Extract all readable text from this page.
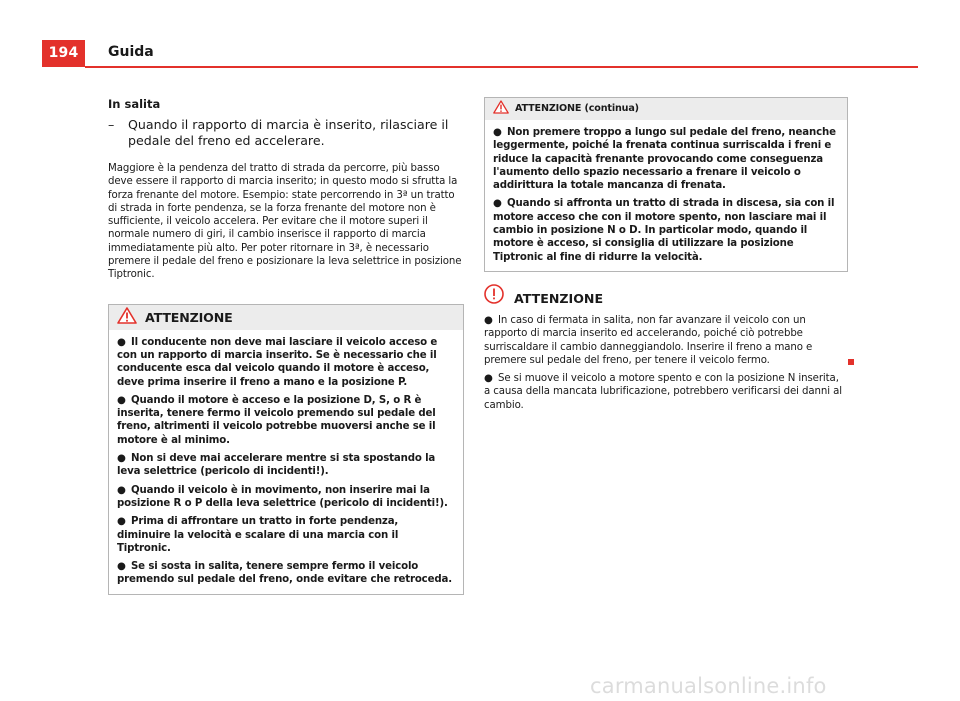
194	Guida
In salita
–	Quando il rapporto di marcia è inserito, rilasciare il pedale del freno ed accelerare.

Maggiore è la pendenza del tratto di strada da percorre, più basso deve essere il rapporto di marcia inserito; in questo modo si sfrutta la forza frenante del motore. Esempio: state percorrendo in 3ª un tratto di strada in forte pendenza, se la forza frenante del motore non è sufficiente, il veicolo accelera. Per evitare che il motore superi il normale numero di giri, il cambio inserisce il rapporto di marcia immediatamente più alto. Per poter ritornare in 3ª, è necessario premere il pedale del freno e posizionare la leva selettrice in posizione Tiptronic.

ATTENZIONE

● Il conducente non deve mai lasciare il veicolo acceso e con un rapporto di marcia inserito. Se è necessario che il conducente esca dal veicolo quando il motore è acceso, deve prima inserire il freno a mano e la posizione P.

● Quando il motore è acceso e la posizione D, S, o R è inserita, tenere fermo il veicolo premendo sul pedale del freno, altrimenti il veicolo potrebbe muoversi anche se il motore è al minimo.

● Non si deve mai accelerare mentre si sta spostando la leva selettrice (pericolo di incidenti!).

● Quando il veicolo è in movimento, non inserire mai la posizione R o P della leva selettrice (pericolo di incidenti!).

● Prima di affrontare un tratto in forte pendenza, diminuire la velocità e scalare di una marcia con il Tiptronic.

● Se si sosta in salita, tenere sempre fermo il veicolo premendo sul pedale del freno, onde evitare che retroceda.

ATTENZIONE (continua)

● Non premere troppo a lungo sul pedale del freno, neanche leggermente, poiché la frenata continua surriscalda i freni e riduce la capacità frenante provocando come conseguenza l'aumento dello spazio necessario a frenare il veicolo o addirittura la totale mancanza di frenata.

● Quando si affronta un tratto di strada in discesa, sia con il motore acceso che con il motore spento, non lasciare mai il cambio in posizione N o D. In particolar modo, quando il motore è acceso, si consiglia di utilizzare la posizione Tiptronic al fine di ridurre la velocità.

ATTENZIONE

● In caso di fermata in salita, non far avanzare il veicolo con un rapporto di marcia inserito ed accelerando, poiché ciò potrebbe surriscaldare il cambio danneggiandolo. Inserire il freno a mano e premere sul pedale del freno, per tenere il veicolo fermo.

● Se si muove il veicolo a motore spento e con la posizione N inserita, a causa della mancata lubrificazione, potrebbero verificarsi dei danni al cambio.

carmanualsonline.info
